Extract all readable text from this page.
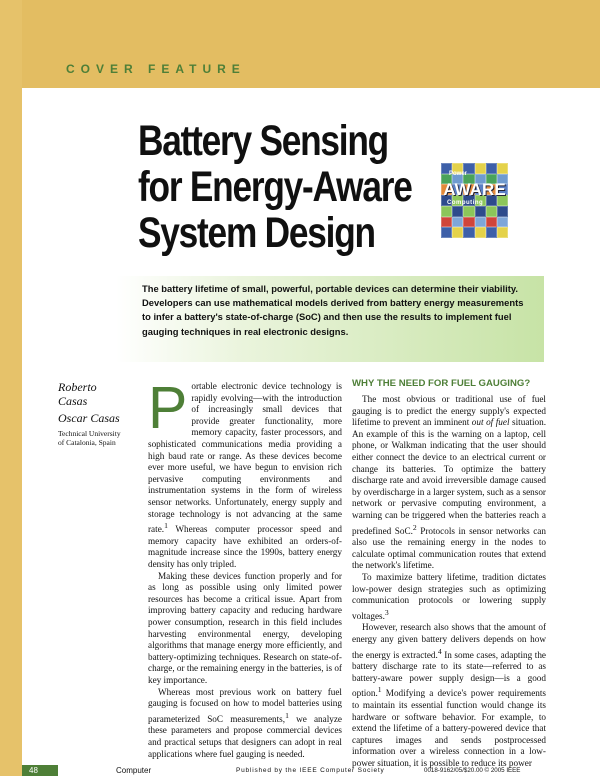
COVER FEATURE
Battery Sensing
for Energy-Aware
System Design
Power
AWARE
Computing

The battery lifetime of small, powerful, portable devices can determine their viability. Developers can use mathematical models derived from battery energy measurements to infer a battery's state-of-charge (SoC) and then use the results to implement fuel gauging techniques in real electronic designs.

Roberto
Casas

Oscar Casas

Technical University
of Catalonia, Spain

Portable electronic device technology is rapidly evolving—with the introduction of increasingly small devices that provide greater functionality, more memory capacity, faster processors, and sophisticated communications media providing a high baud rate or range. As these devices become ever more useful, we have begun to envision rich pervasive computing environments and instrumentation systems in the form of wireless sensor networks. Unfortunately, energy supply and storage technology is not advancing at the same rate.$^1$ Whereas computer processor speed and memory capacity have exhibited an orders-of-magnitude increase since the 1990s, battery energy density has only tripled.

Making these devices function properly and for as long as possible using only limited power resources has become a critical issue. Apart from improving battery capacity and reducing hardware power consumption, research in this field includes harvesting environmental energy, developing algorithms that manage energy more efficiently, and battery-optimizing techniques. Research on state-of-charge, or the remaining energy in the batteries, is of key importance.

Whereas most previous work on battery fuel gauging is focused on how to model batteries using parameterized SoC measurements,$^1$ we analyze these parameters and propose commercial devices and practical setups that designers can adopt in real applications where fuel gauging is needed.

WHY THE NEED FOR FUEL GAUGING?

The most obvious or traditional use of fuel gauging is to predict the energy supply's expected lifetime to prevent an imminent out of fuel situation. An example of this is the warning on a laptop, cell phone, or Walkman indicating that the user should either connect the device to an electrical current or change its batteries. To optimize the battery discharge rate and avoid irreversible damage caused by overdischarge in a larger system, such as a sensor network or pervasive computing environment, a warning can be triggered when the batteries reach a predefined SoC.$^2$ Protocols in sensor networks can also use the remaining energy in the nodes to calculate optimal communication routes that extend the network's lifetime.

To maximize battery lifetime, tradition dictates low-power design strategies such as optimizing communication protocols or lowering supply voltages.$^3$

However, research also shows that the amount of energy any given battery delivers depends on how the energy is extracted.$^4$ In some cases, adapting the battery discharge rate to its state—referred to as battery-aware power supply design—is a good option.$^1$ Modifying a device's power requirements to maintain its essential function would change its hardware or software behavior. For example, to extend the lifetime of a battery-powered device that captures images and sends postprocessed information over a wireless connection in a low-power situation, it is possible to reduce its power

48	Computer	Published by the IEEE Computer Society	0018-9162/05/$20.00 © 2005 IEEE
